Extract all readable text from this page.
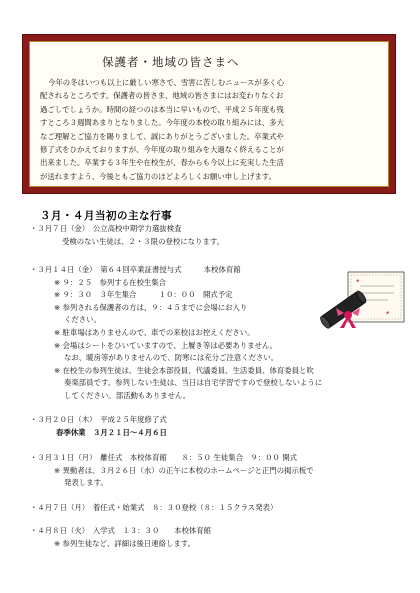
保護者・地域の皆さまへ
今年の冬はいつも以上に厳しい寒さで、雪害に苦しむニュースが多く心
配されるところです。保護者の皆さま、地域の皆さまにはお変わりなくお
過ごしでしょうか。時間の経つのは本当に早いもので、平成２５年度も残
すところ３週間あまりとなりました。今年度の本校の取り組みには、多大
なご理解とご協力を賜りまして、誠にありがとうございました。卒業式や
修了式をひかえておりますが、今年度の取り組みを大過なく終えることが
出来ました。卒業する３年生や在校生が、春からも今以上に充実した生活
が送れますよう、今後ともご協力のほどよろしくお願い申し上げます。
３月・４月当初の主な行事
・３月７日（金）　公立高校中期学力選抜検査
受検のない生徒は、２・３限の登校になります。
・３月１４日（金）　第６４回卒業証書授与式　　　本校体育館
※ ９：２５　参列する在校生集合
※ ９：３０　３年生集合　　　１０：００　開式予定
※ 参列される保護者の方は、９：４５までに会場にお入り
ください。
※ 駐車場はありませんので、車での来校はお控えください。
※ 会場はシートをひいていますので、上履き等は必要ありません。
なお、暖房等がありませんので、防寒には充分ご注意ください。
※ 在校生の参列生徒は、生徒会本部役員、代議委員、生活委員、体育委員と吹
奏楽部員です。参列しない生徒は、当日は自宅学習ですので登校しないように
してください。部活動もありません。
・３月２０日（木）　平成２５年度修了式
春季休業　３月２１日〜４月６日
・３月３１日（月）　離任式　本校体育館　　８：５０ 生徒集合　９：００ 開式
※ 異動者は、３月２６日（水）の正午に本校のホームページと正門の掲示板で
発表します。
・４月７日（月）　着任式・始業式　８：３０登校（８：１５クラス発表）
・４月８日（火）　入学式　１３：３０　　本校体育館
※ 参列生徒など、詳細は後日連絡します。
❀
❀
